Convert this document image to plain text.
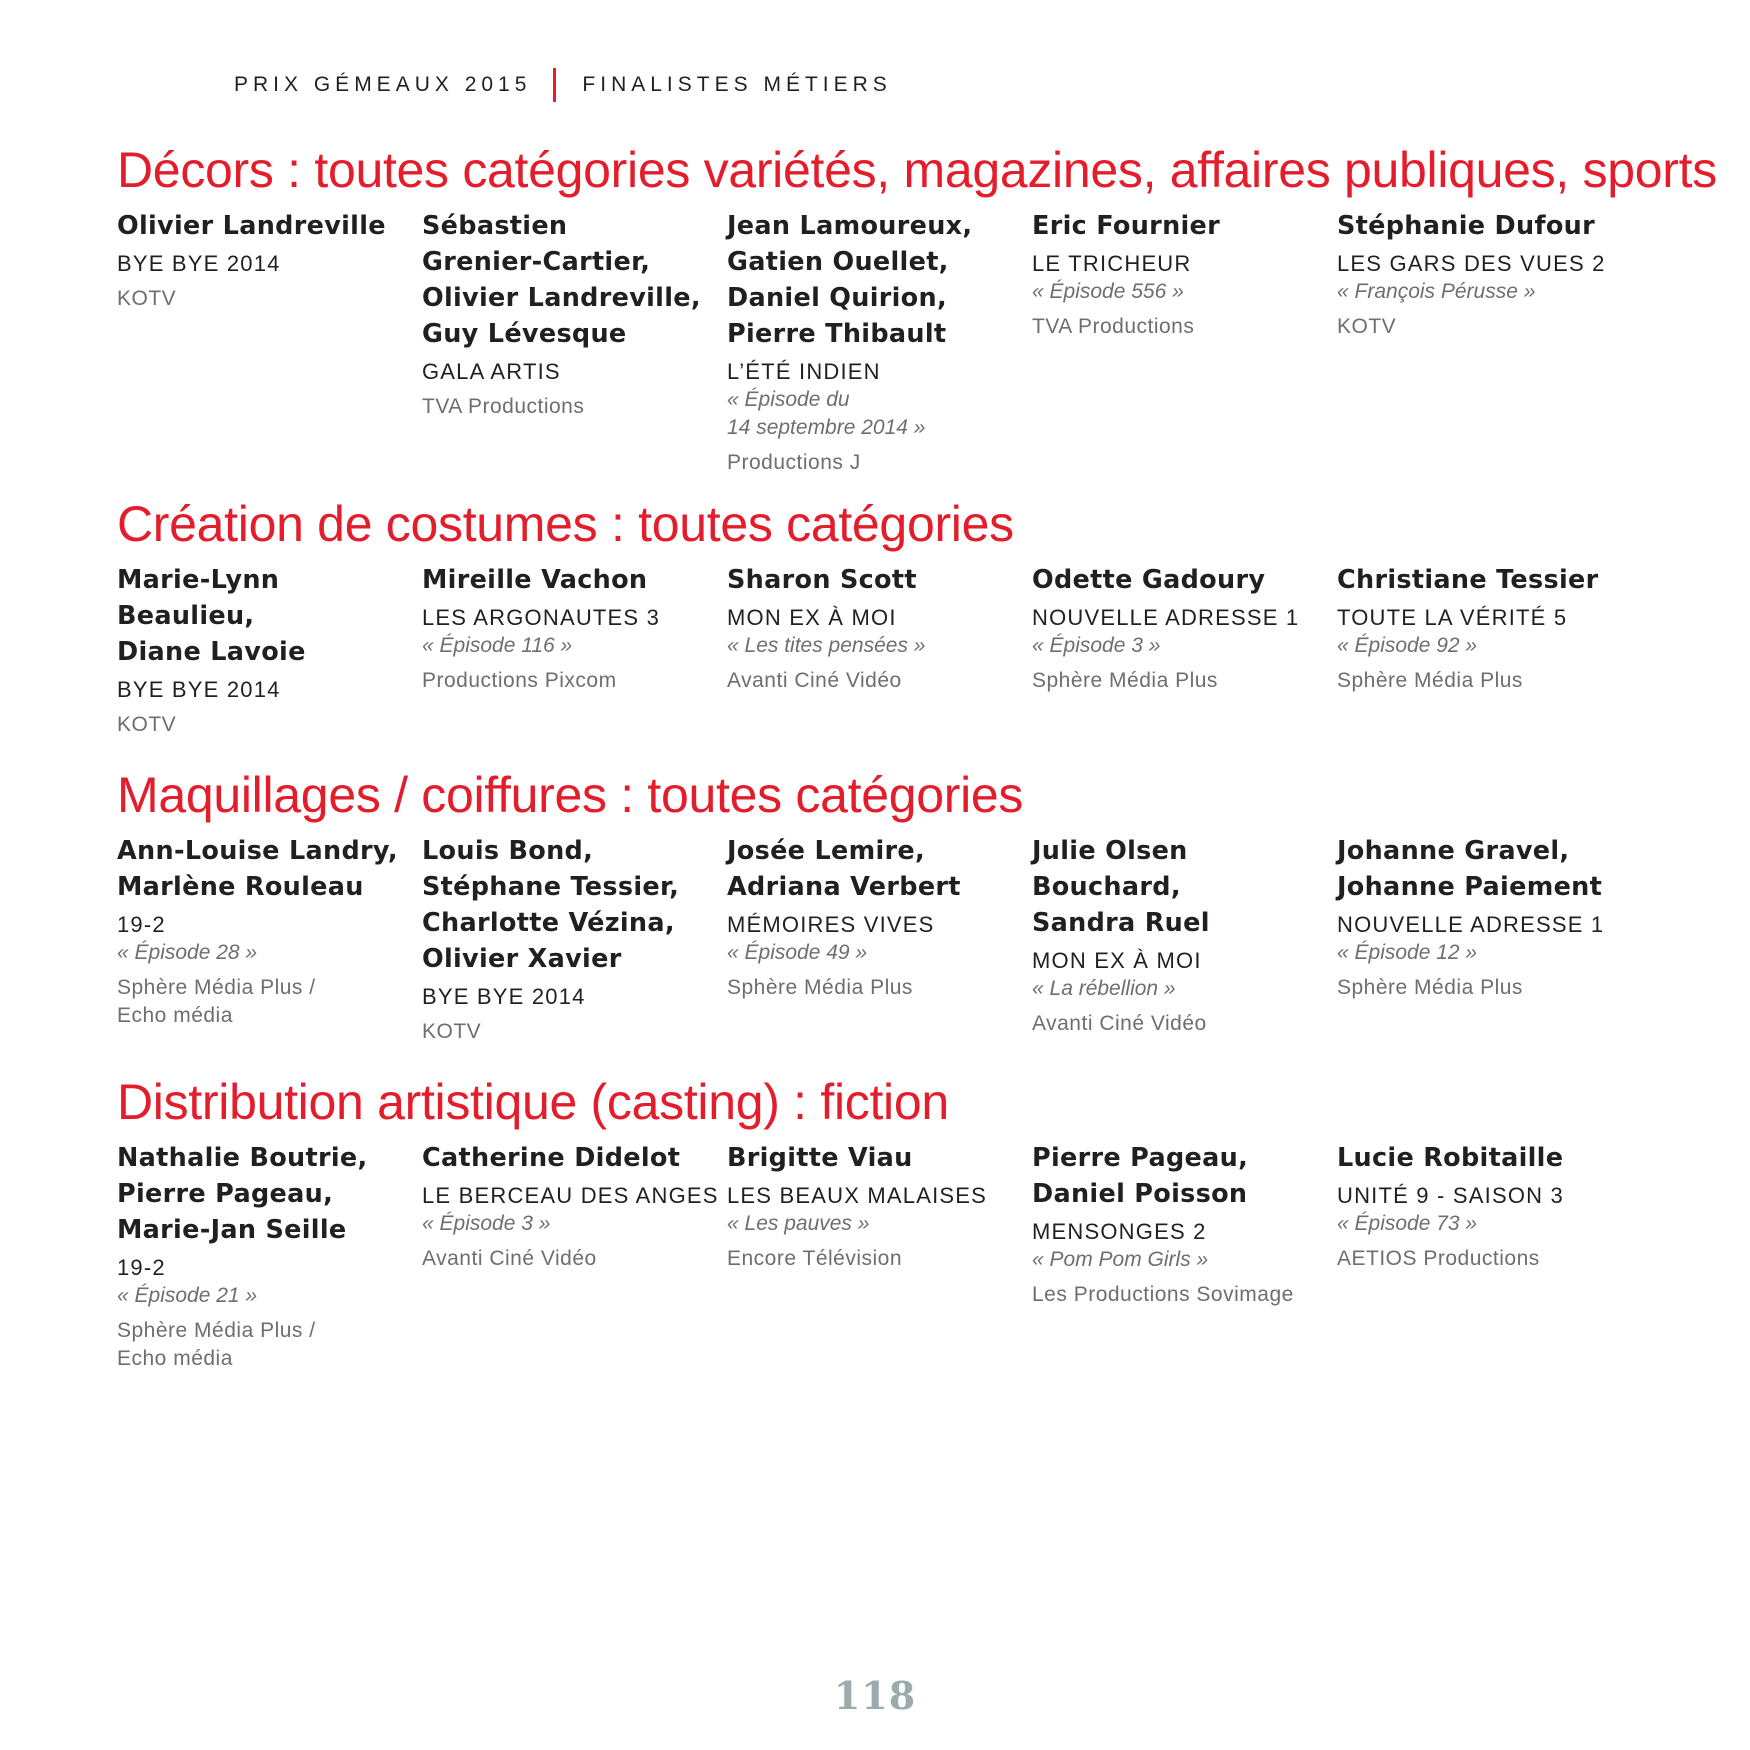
PRIX GÉMEAUX 2015 FINALISTES MÉTIERS
Décors : toutes catégories variétés, magazines, affaires publiques, sports
Olivier Landreville
BYE BYE 2014
KOTV
Sébastien
Grenier-Cartier,
Olivier Landreville,
Guy Lévesque
GALA ARTIS
TVA Productions
Jean Lamoureux,
Gatien Ouellet,
Daniel Quirion,
Pierre Thibault
L’ÉTÉ INDIEN
« Épisode du
14 septembre 2014 »
Productions J
Eric Fournier
LE TRICHEUR
« Épisode 556 »
TVA Productions
Stéphanie Dufour
LES GARS DES VUES 2
« François Pérusse »
KOTV
Création de costumes : toutes catégories
Marie-Lynn
Beaulieu,
Diane Lavoie
BYE BYE 2014
KOTV
Mireille Vachon
LES ARGONAUTES 3
« Épisode 116 »
Productions Pixcom
Sharon Scott
MON EX À MOI
« Les tites pensées »
Avanti Ciné Vidéo
Odette Gadoury
NOUVELLE ADRESSE 1
« Épisode 3 »
Sphère Média Plus
Christiane Tessier
TOUTE LA VÉRITÉ 5
« Épisode 92 »
Sphère Média Plus
Maquillages / coiffures : toutes catégories
Ann-Louise Landry,
Marlène Rouleau
19-2
« Épisode 28 »
Sphère Média Plus /
Echo média
Louis Bond,
Stéphane Tessier,
Charlotte Vézina,
Olivier Xavier
BYE BYE 2014
KOTV
Josée Lemire,
Adriana Verbert
MÉMOIRES VIVES
« Épisode 49 »
Sphère Média Plus
Julie Olsen
Bouchard,
Sandra Ruel
MON EX À MOI
« La rébellion »
Avanti Ciné Vidéo
Johanne Gravel,
Johanne Paiement
NOUVELLE ADRESSE 1
« Épisode 12 »
Sphère Média Plus
Distribution artistique (casting) : fiction
Nathalie Boutrie,
Pierre Pageau,
Marie-Jan Seille
19-2
« Épisode 21 »
Sphère Média Plus /
Echo média
Catherine Didelot
LE BERCEAU DES ANGES
« Épisode 3 »
Avanti Ciné Vidéo
Brigitte Viau
LES BEAUX MALAISES
« Les pauves »
Encore Télévision
Pierre Pageau,
Daniel Poisson
MENSONGES 2
« Pom Pom Girls »
Les Productions Sovimage
Lucie Robitaille
UNITÉ 9 - SAISON 3
« Épisode 73 »
AETIOS Productions
118
